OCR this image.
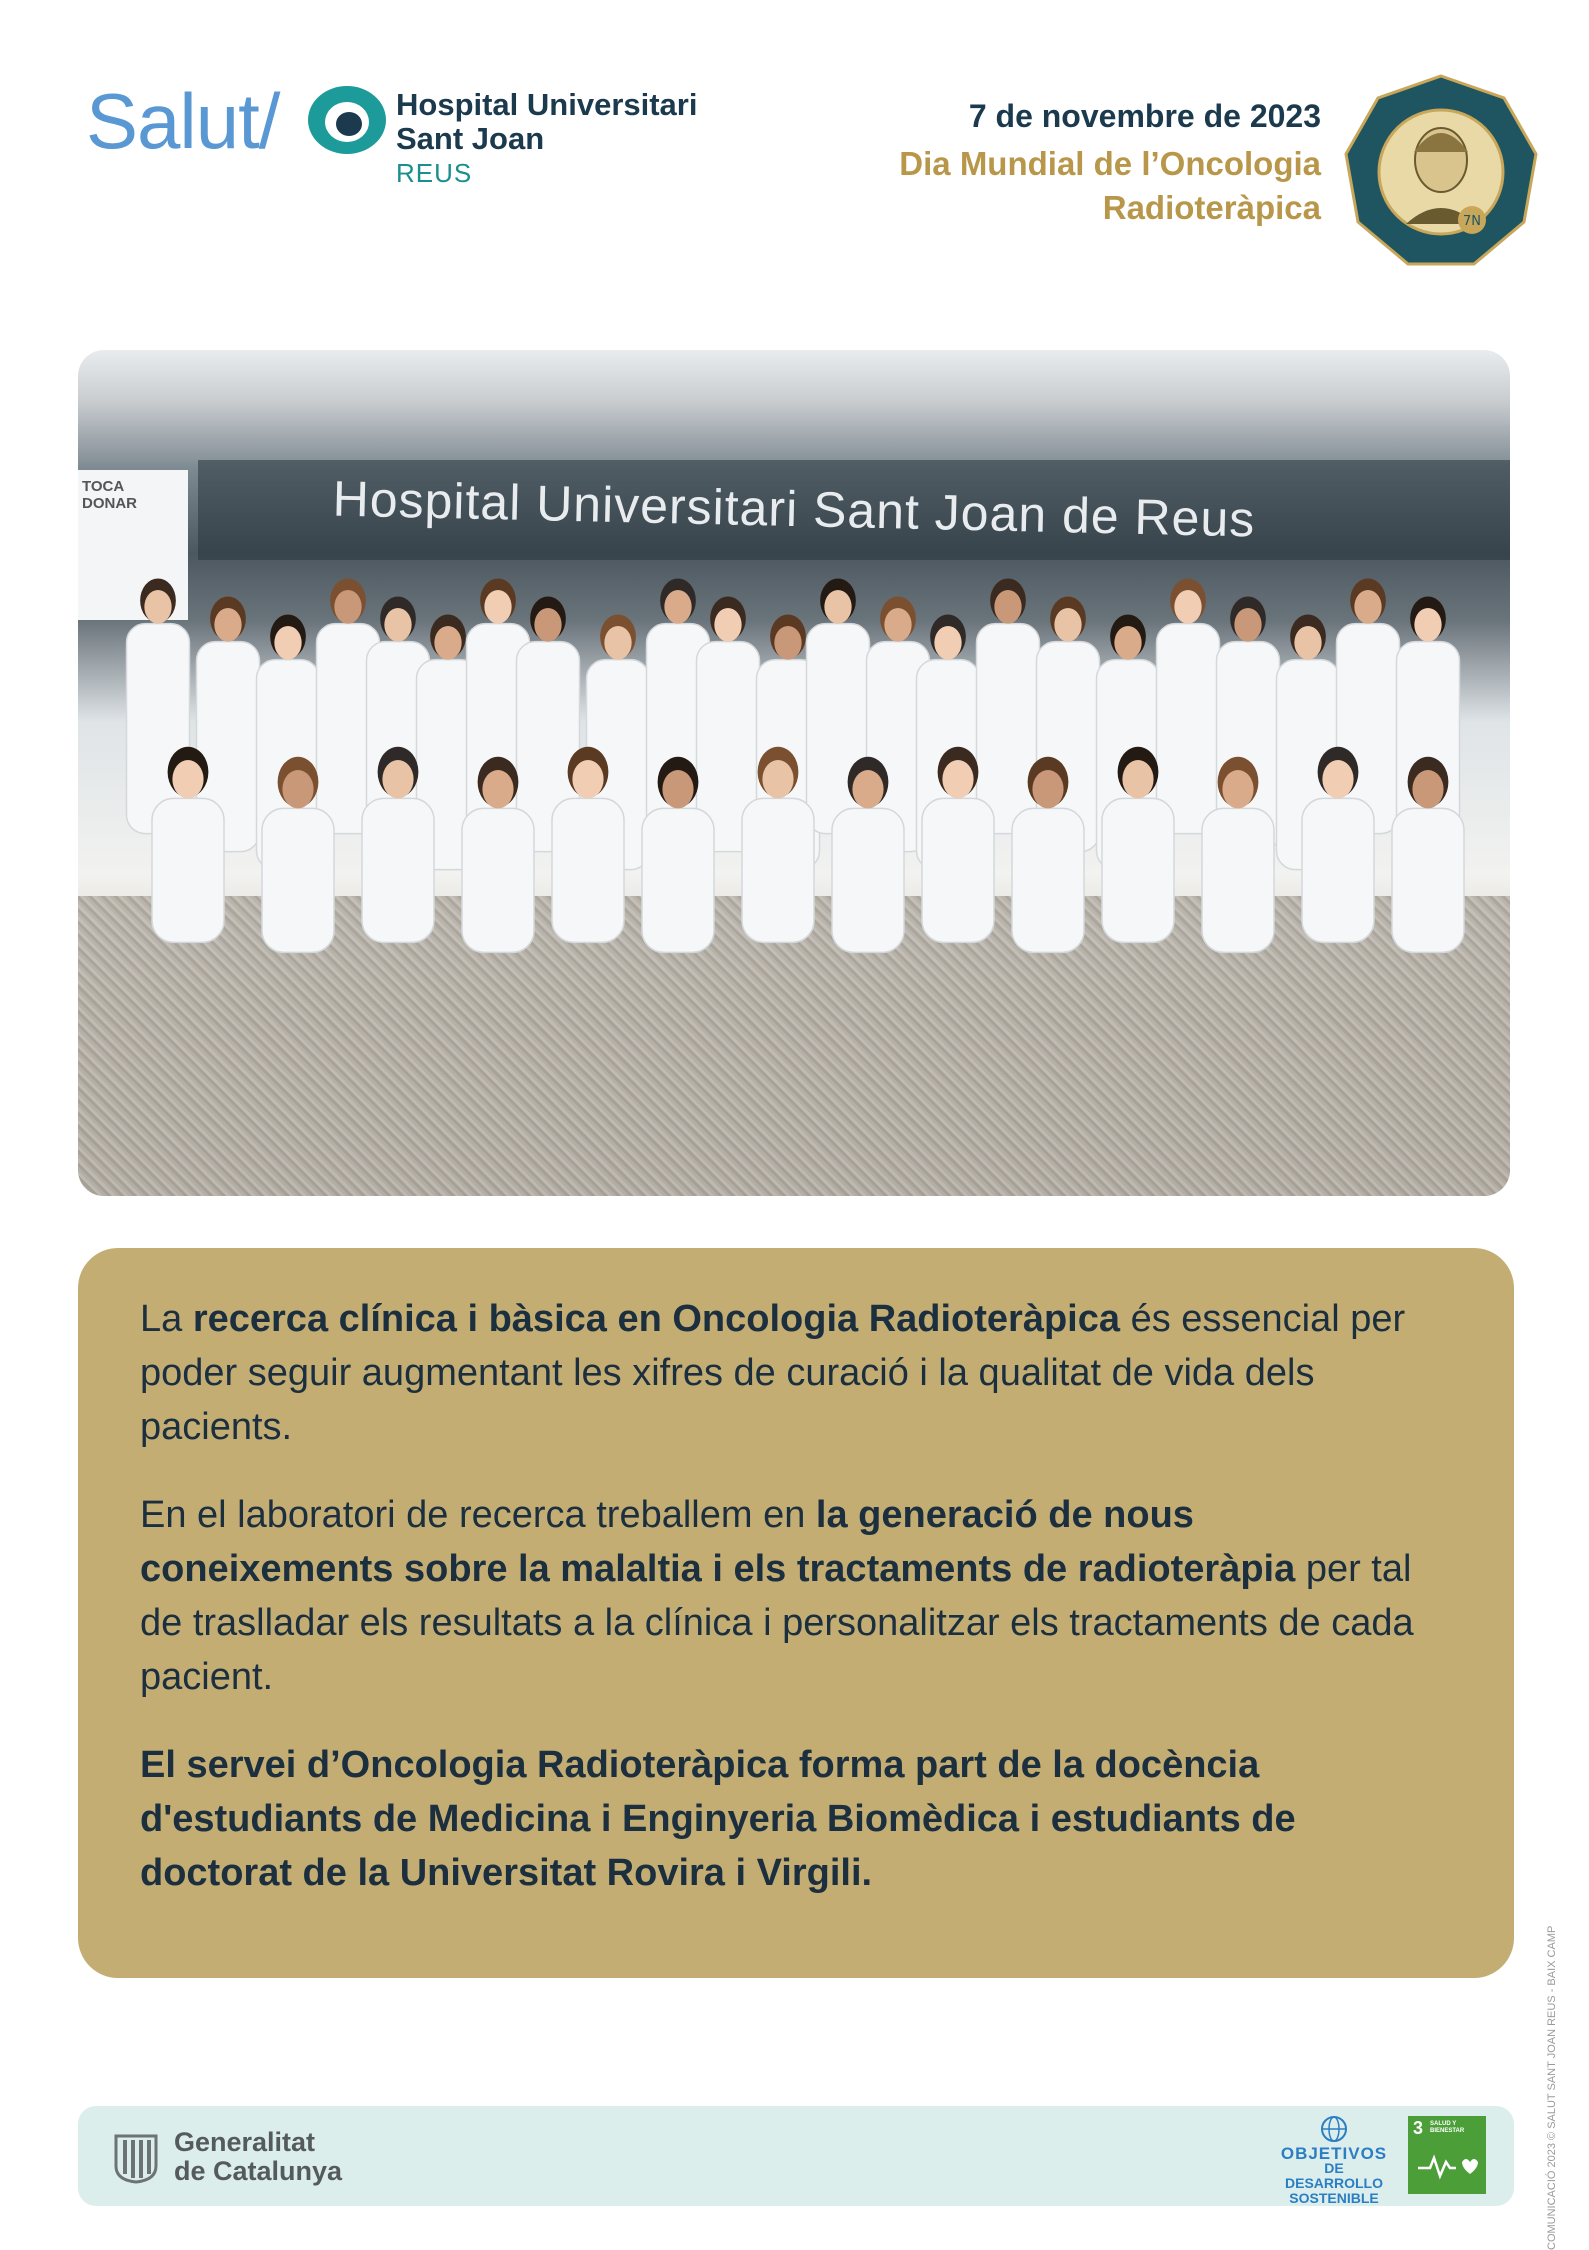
Salut/	Hospital Universitari
Sant Joan
REUS
7 de novembre de 2023
Dia Mundial de l’Oncologia Radioteràpica	7N
TOCA
DONAR	Hospital Universitari Sant Joan de Reus

La recerca clínica i bàsica en Oncologia Radioteràpica és essencial per poder seguir augmentant les xifres de curació i la qualitat de vida dels pacients.

En el laboratori de recerca treballem en la generació de nous coneixements sobre la malaltia i els tractaments de radioteràpia per tal de traslladar els resultats a la clínica i personalitzar els tractaments de cada pacient.

El servei d’Oncologia Radioteràpica forma part de la docència d'estudiants de Medicina i Enginyeria Biomèdica i estudiants de doctorat de la Universitat Rovira i Virgili.

Generalitat
de Catalunya
OBJETIVOS
DE DESARROLLO
SOSTENIBLE
3 SALUD Y BIENESTAR	COMUNICACIÓ 2023 © SALUT SANT JOAN REUS - BAIX CAMP
